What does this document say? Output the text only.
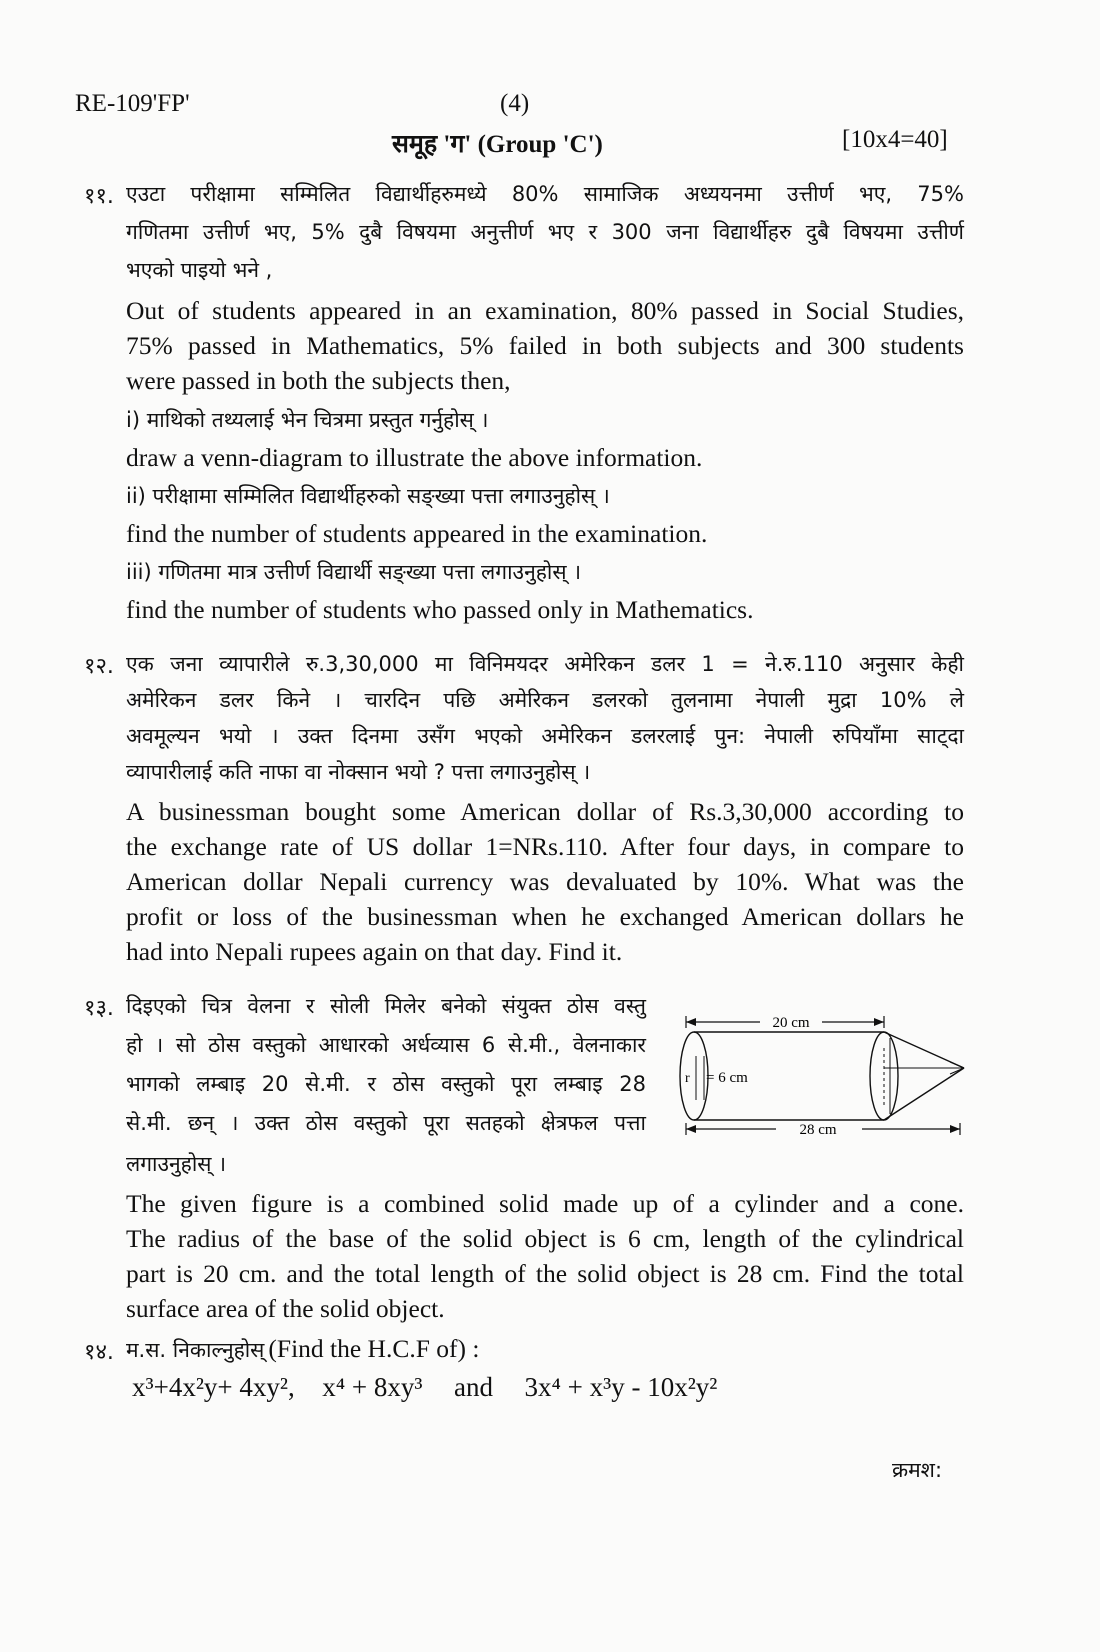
RE-109'FP'	(4)
समूह 'ग' (Group 'C')	[10x4=40]
११. एउटा परीक्षामा सम्मिलित विद्यार्थीहरुमध्ये 80% सामाजिक अध्ययनमा उत्तीर्ण भए, 75%
गणितमा उत्तीर्ण भए, 5% दुबै विषयमा अनुत्तीर्ण भए र 300 जना विद्यार्थीहरु दुबै विषयमा उत्तीर्ण
भएको पाइयो भने ,
Out of students appeared in an examination, 80% passed in Social Studies,
75% passed in Mathematics, 5% failed in both subjects and 300 students
were passed in both the subjects then,
i) माथिको तथ्यलाई भेन चित्रमा प्रस्तुत गर्नुहोस् ।
draw a venn-diagram to illustrate the above information.
ii) परीक्षामा सम्मिलित विद्यार्थीहरुको सङ्ख्या पत्ता लगाउनुहोस् ।
find the number of students appeared in the examination.
iii) गणितमा मात्र उत्तीर्ण विद्यार्थी सङ्ख्या पत्ता लगाउनुहोस् ।
find the number of students who passed only in Mathematics.
१२. एक जना व्यापारीले रु.3,30,000 मा विनिमयदर अमेरिकन डलर 1 = ने.रु.110 अनुसार केही
अमेरिकन डलर किने । चारदिन पछि अमेरिकन डलरको तुलनामा नेपाली मुद्रा 10% ले
अवमूल्यन भयो । उक्त दिनमा उसँग भएको अमेरिकन डलरलाई पुन: नेपाली रुपियाँमा साट्दा
व्यापारीलाई कति नाफा वा नोक्सान भयो ? पत्ता लगाउनुहोस् ।
A businessman bought some American dollar of Rs.3,30,000 according to
the exchange rate of US dollar 1=NRs.110. After four days, in compare to
American dollar Nepali currency was devaluated by 10%. What was the
profit or loss of the businessman when he exchanged American dollars he
had into Nepali rupees again on that day. Find it.
१३. दिइएको चित्र वेलना र सोली मिलेर बनेको संयुक्त ठोस वस्तु
हो । सो ठोस वस्तुको आधारको अर्धव्यास 6 से.मी., वेलनाकार
भागको लम्बाइ 20 से.मी. र ठोस वस्तुको पूरा लम्बाइ 28
से.मी. छन् । उक्त ठोस वस्तुको पूरा सतहको क्षेत्रफल पत्ता
लगाउनुहोस् ।
20 cm
r = 6 cm
28 cm
The given figure is a combined solid made up of a cylinder and a cone.
The radius of the base of the solid object is 6 cm, length of the cylindrical
part is 20 cm. and the total length of the solid object is 28 cm. Find the total
surface area of the solid object.
१४. म.स. निकाल्नुहोस् (Find the H.C.F of) :
x³+4x²y+ 4xy², x⁴ + 8xy³ and 3x⁴ + x³y - 10x²y²
क्रमश:
